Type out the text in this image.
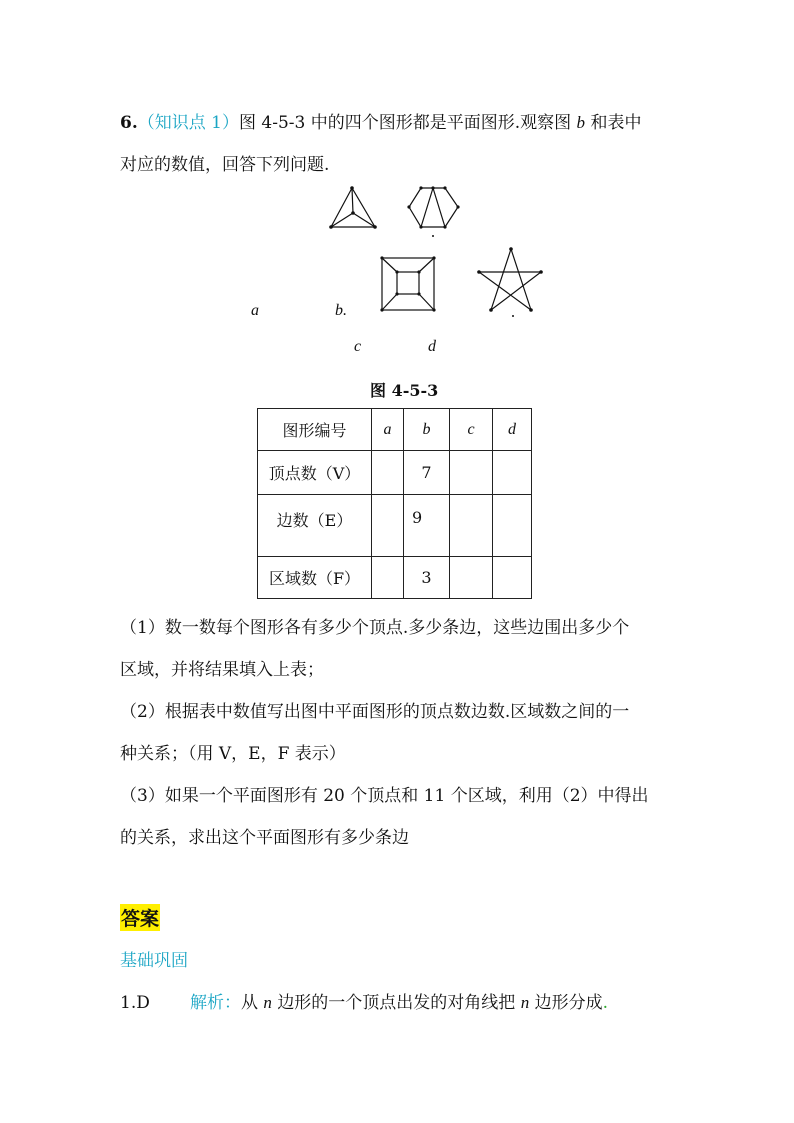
6.（知识点 1）图 4-5-3 中的四个图形都是平面图形.观察图 b 和表中
对应的数值，回答下列问题.
a	b.
c	d
图 4-5-3
图形编号	a	b	c	d
顶点数（V）		7		
边数（E）		9		
区域数（F）		3		
（1）数一数每个图形各有多少个顶点.多少条边，这些边围出多少个
区域，并将结果填入上表；
（2）根据表中数值写出图中平面图形的顶点数边数.区域数之间的一
种关系；（用 V，E，F 表示）
（3）如果一个平面图形有 20 个顶点和 11 个区域，利用（2）中得出
的关系，求出这个平面图形有多少条边
答案
基础巩固
1.D 解析：从 n 边形的一个顶点出发的对角线把 n 边形分成.
